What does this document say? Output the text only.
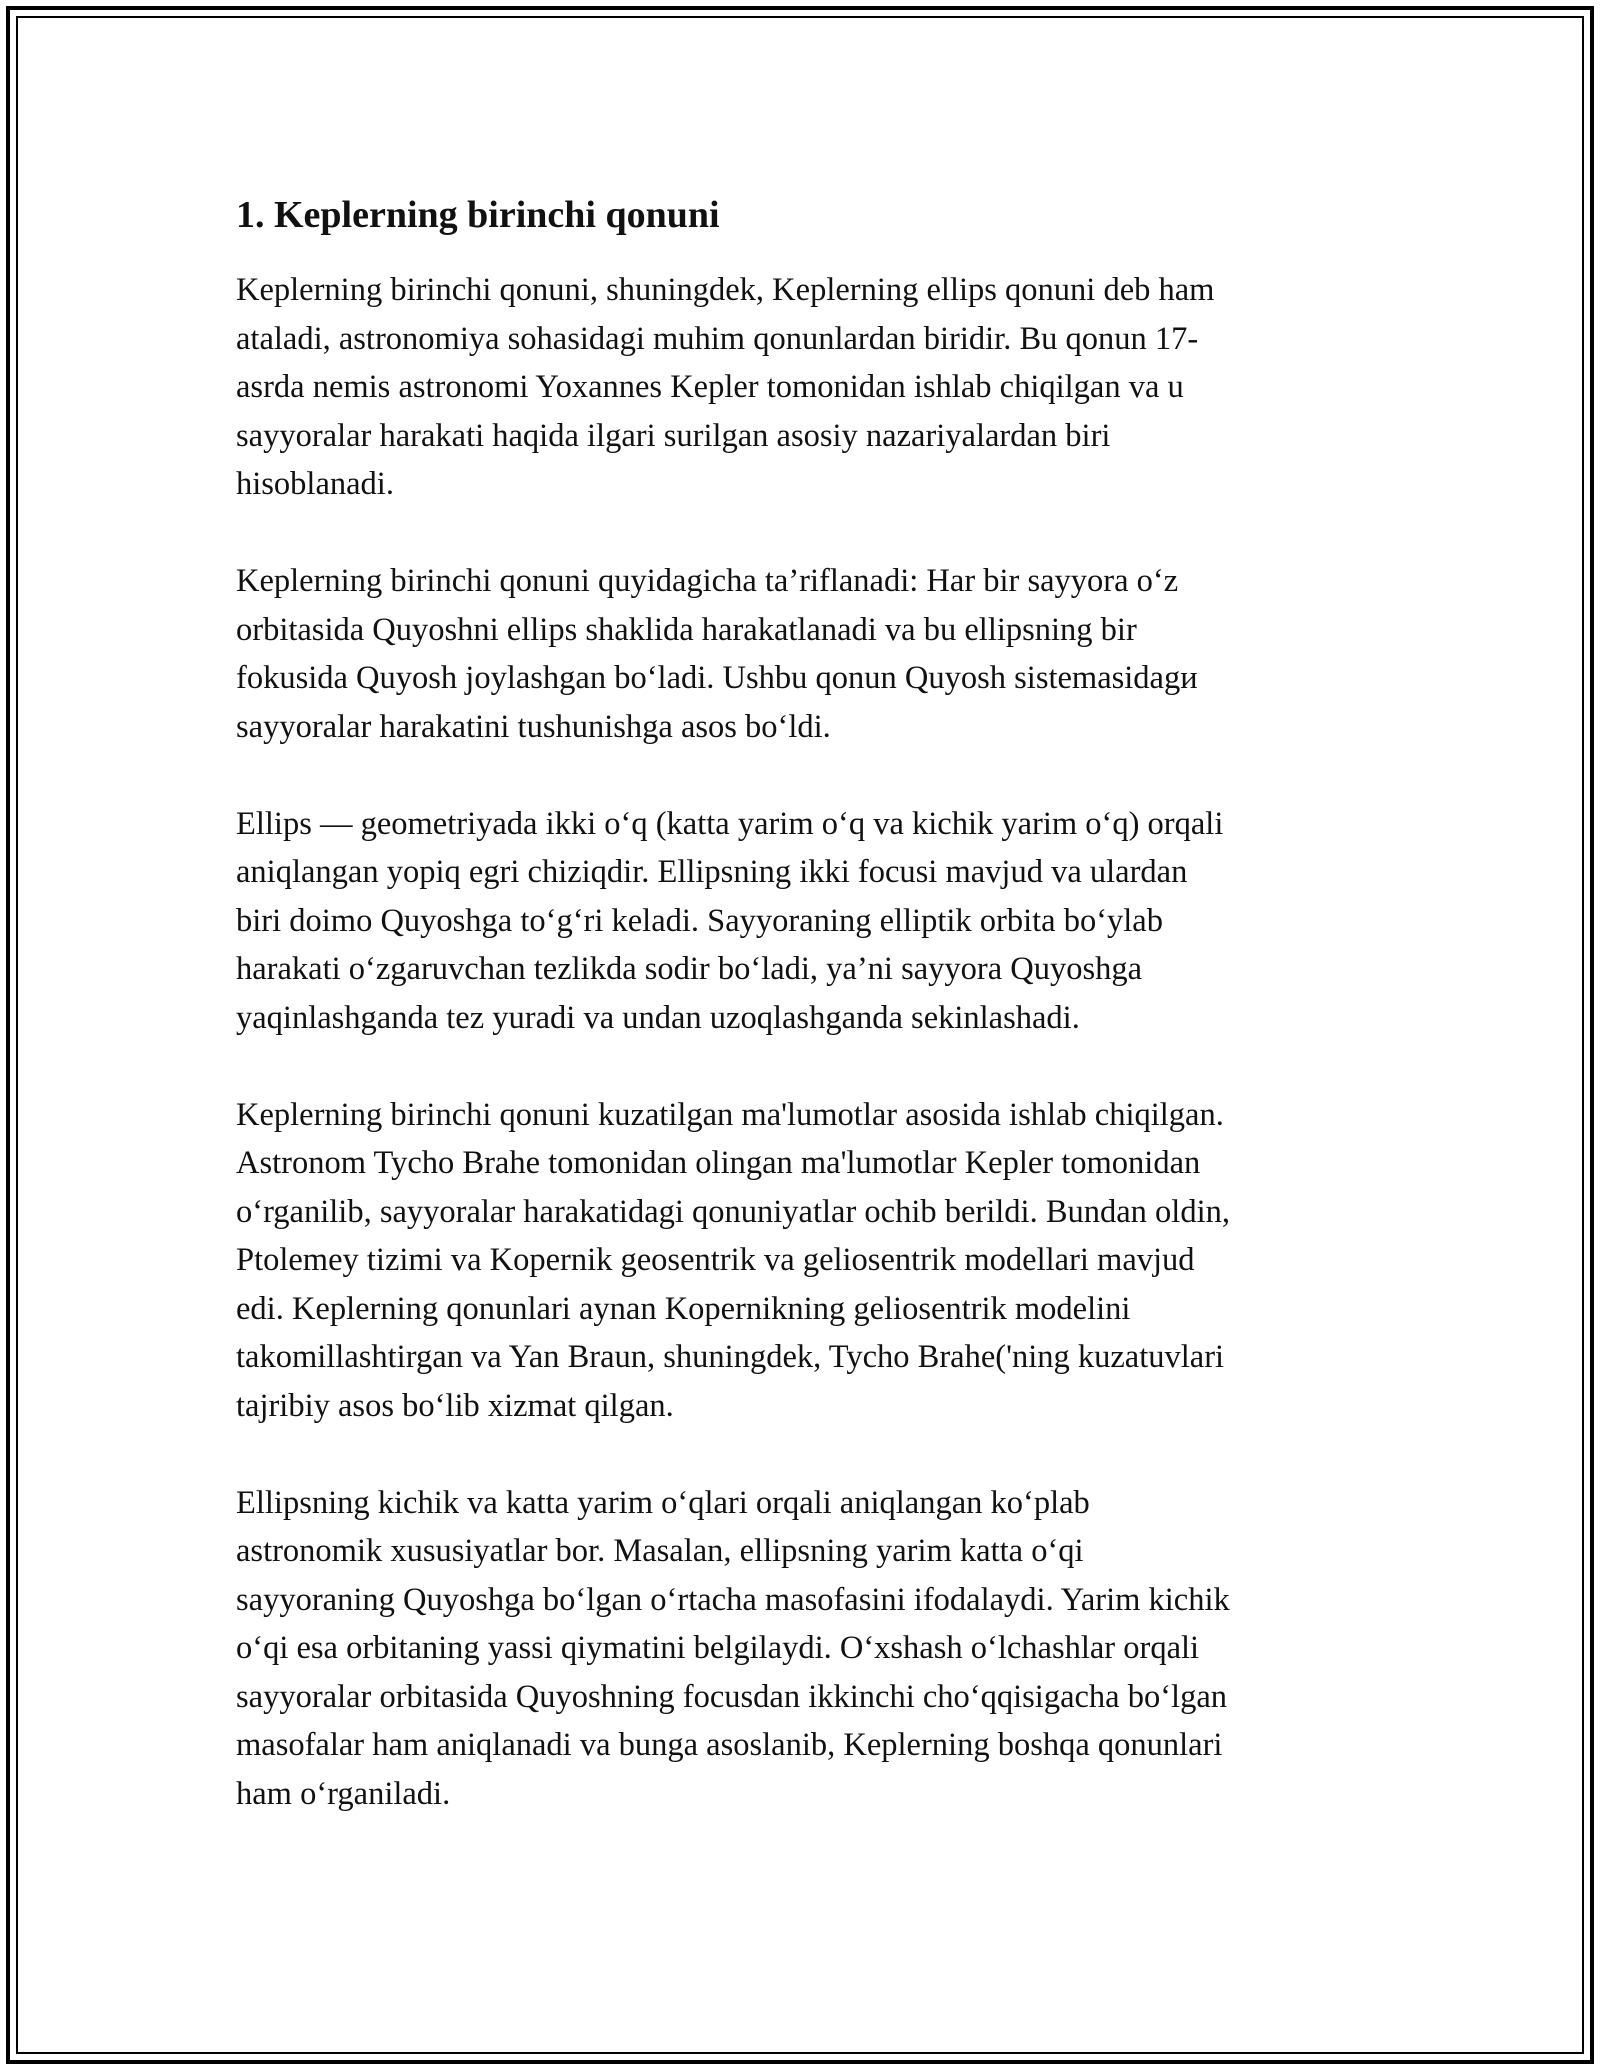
1. Keplerning birinchi qonuni

Keplerning birinchi qonuni, shuningdek, Keplerning ellips qonuni deb ham
ataladi, astronomiya sohasidagi muhim qonunlardan biridir. Bu qonun 17-
asrda nemis astronomi Yoxannes Kepler tomonidan ishlab chiqilgan va u
sayyoralar harakati haqida ilgari surilgan asosiy nazariyalardan biri
hisoblanadi.

Keplerning birinchi qonuni quyidagicha ta’riflanadi: Har bir sayyora o‘z
orbitasida Quyoshni ellips shaklida harakatlanadi va bu ellipsning bir
fokusida Quyosh joylashgan bo‘ladi. Ushbu qonun Quyosh sistemasidagи
sayyoralar harakatini tushunishga asos bo‘ldi.

Ellips — geometriyada ikki o‘q (katta yarim o‘q va kichik yarim o‘q) orqali
aniqlangan yopiq egri chiziqdir. Ellipsning ikki focusi mavjud va ulardan
biri doimo Quyoshga to‘g‘ri keladi. Sayyoraning elliptik orbita bo‘ylab
harakati o‘zgaruvchan tezlikda sodir bo‘ladi, ya’ni sayyora Quyoshga
yaqinlashganda tez yuradi va undan uzoqlashganda sekinlashadi.

Keplerning birinchi qonuni kuzatilgan ma'lumotlar asosida ishlab chiqilgan.
Astronom Tycho Brahe tomonidan olingan ma'lumotlar Kepler tomonidan
o‘rganilib, sayyoralar harakatidagi qonuniyatlar ochib berildi. Bundan oldin,
Ptolemey tizimi va Kopernik geosentrik va geliosentrik modellari mavjud
edi. Keplerning qonunlari aynan Kopernikning geliosentrik modelini
takomillashtirgan va Yan Braun, shuningdek, Tycho Brahe('ning kuzatuvlari
tajribiy asos bo‘lib xizmat qilgan.

Ellipsning kichik va katta yarim o‘qlari orqali aniqlangan ko‘plab
astronomik xususiyatlar bor. Masalan, ellipsning yarim katta o‘qi
sayyoraning Quyoshga bo‘lgan o‘rtacha masofasini ifodalaydi. Yarim kichik
o‘qi esa orbitaning yassi qiymatini belgilaydi. O‘xshash o‘lchashlar orqali
sayyoralar orbitasida Quyoshning focusdan ikkinchi cho‘qqisigacha bo‘lgan
masofalar ham aniqlanadi va bunga asoslanib, Keplerning boshqa qonunlari
ham o‘rganiladi.
